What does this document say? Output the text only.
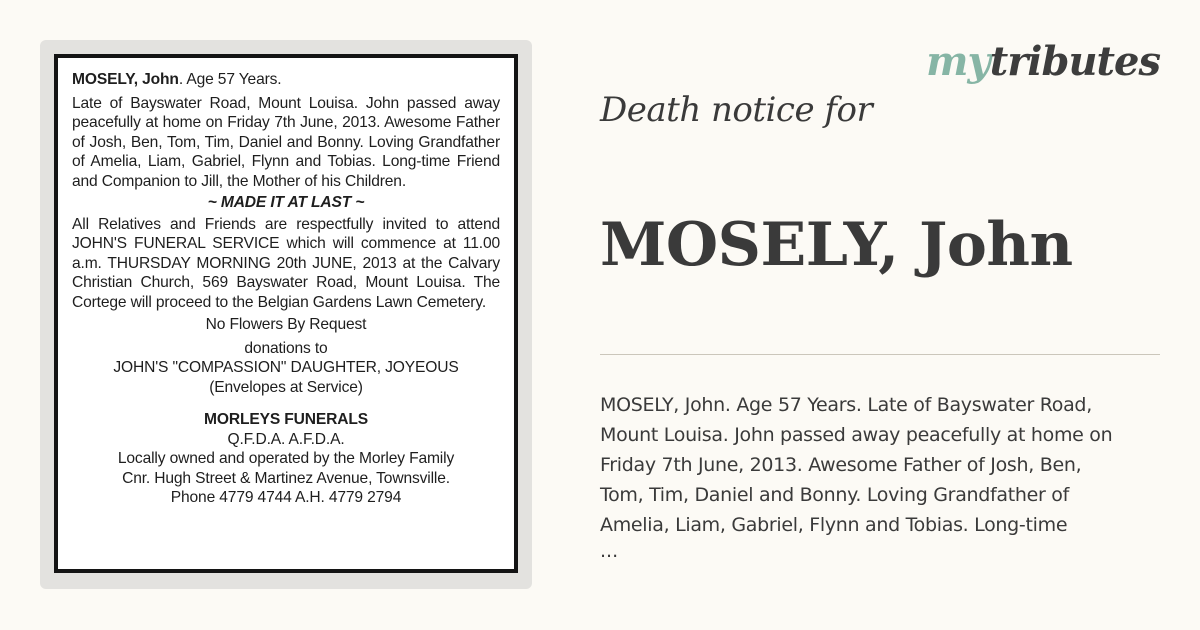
MOSELY, John. Age 57 Years.

Late of Bayswater Road, Mount Louisa. John passed away peacefully at home on Friday 7th June, 2013. Awesome Father of Josh, Ben, Tom, Tim, Daniel and Bonny. Loving Grandfather of Amelia, Liam, Gabriel, Flynn and Tobias. Long-time Friend and Companion to Jill, the Mother of his Children.

~ MADE IT AT LAST ~

All Relatives and Friends are respectfully invited to attend JOHN'S FUNERAL SERVICE which will commence at 11.00 a.m. THURSDAY MORNING 20th JUNE, 2013 at the Calvary Christian Church, 569 Bayswater Road, Mount Louisa. The Cortege will proceed to the Belgian Gardens Lawn Cemetery.

No Flowers By Request

donations to

JOHN'S "COMPASSION" DAUGHTER, JOYEOUS

(Envelopes at Service)

MORLEYS FUNERALS

Q.F.D.A. A.F.D.A.

Locally owned and operated by the Morley Family

Cnr. Hugh Street & Martinez Avenue, Townsville.

Phone 4779 4744 A.H. 4779 2794

mytributes
Death notice for
MOSELY, John
MOSELY, John. Age 57 Years. Late of Bayswater Road,
Mount Louisa. John passed away peacefully at home on
Friday 7th June, 2013. Awesome Father of Josh, Ben,
Tom, Tim, Daniel and Bonny. Loving Grandfather of
Amelia, Liam, Gabriel, Flynn and Tobias. Long-time
...
